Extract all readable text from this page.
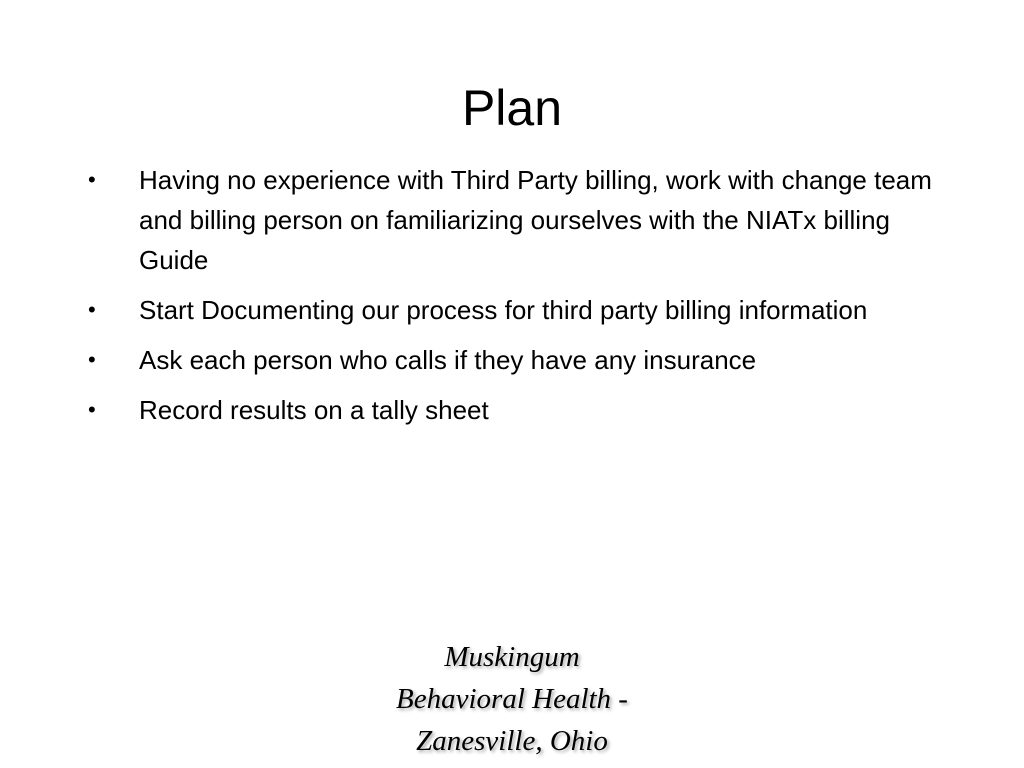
Plan
•	Having no experience with Third Party billing, work with change team and billing person on familiarizing ourselves with the NIATx billing Guide
•	Start Documenting our process for third party billing information
•	Ask each person who calls if they have any insurance
•	Record results on a tally sheet
Muskingum
Behavioral Health -
Zanesville, Ohio
